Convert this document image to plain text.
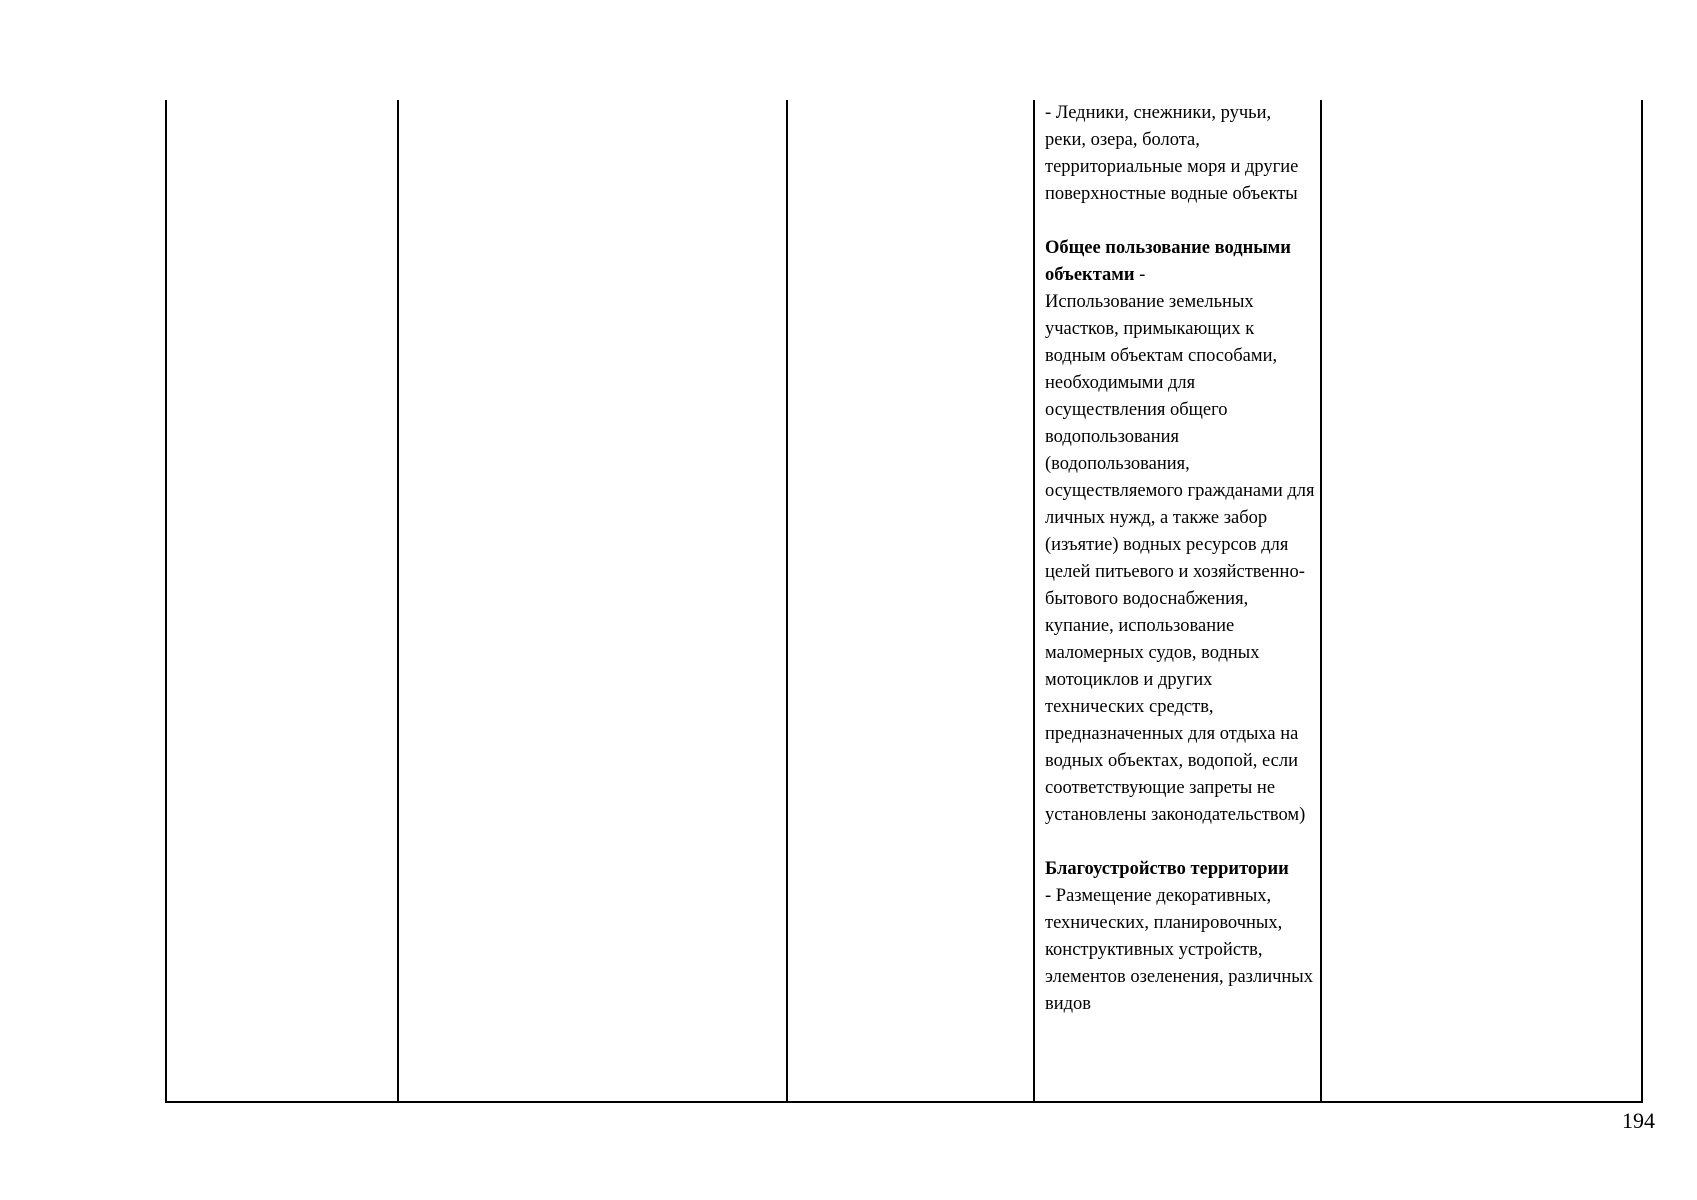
- Ледники, снежники, ручьи, реки, озера, болота, территориальные моря и другие поверхностные водные объекты

Общее пользование водными объектами -

Использование земельных участков, примыкающих к водным объектам способами, необходимыми для осуществления общего водопользования (водопользования, осуществляемого гражданами для личных нужд, а также забор (изъятие) водных ресурсов для целей питьевого и хозяйственно-бытового водоснабжения, купание, использование маломерных судов, водных мотоциклов и других технических средств, предназначенных для отдыха на водных объектах, водопой, если соответствующие запреты не установлены законодательством)

Благоустройство территории

- Размещение декоративных, технических, планировочных, конструктивных устройств, элементов озеленения, различных видов

194
